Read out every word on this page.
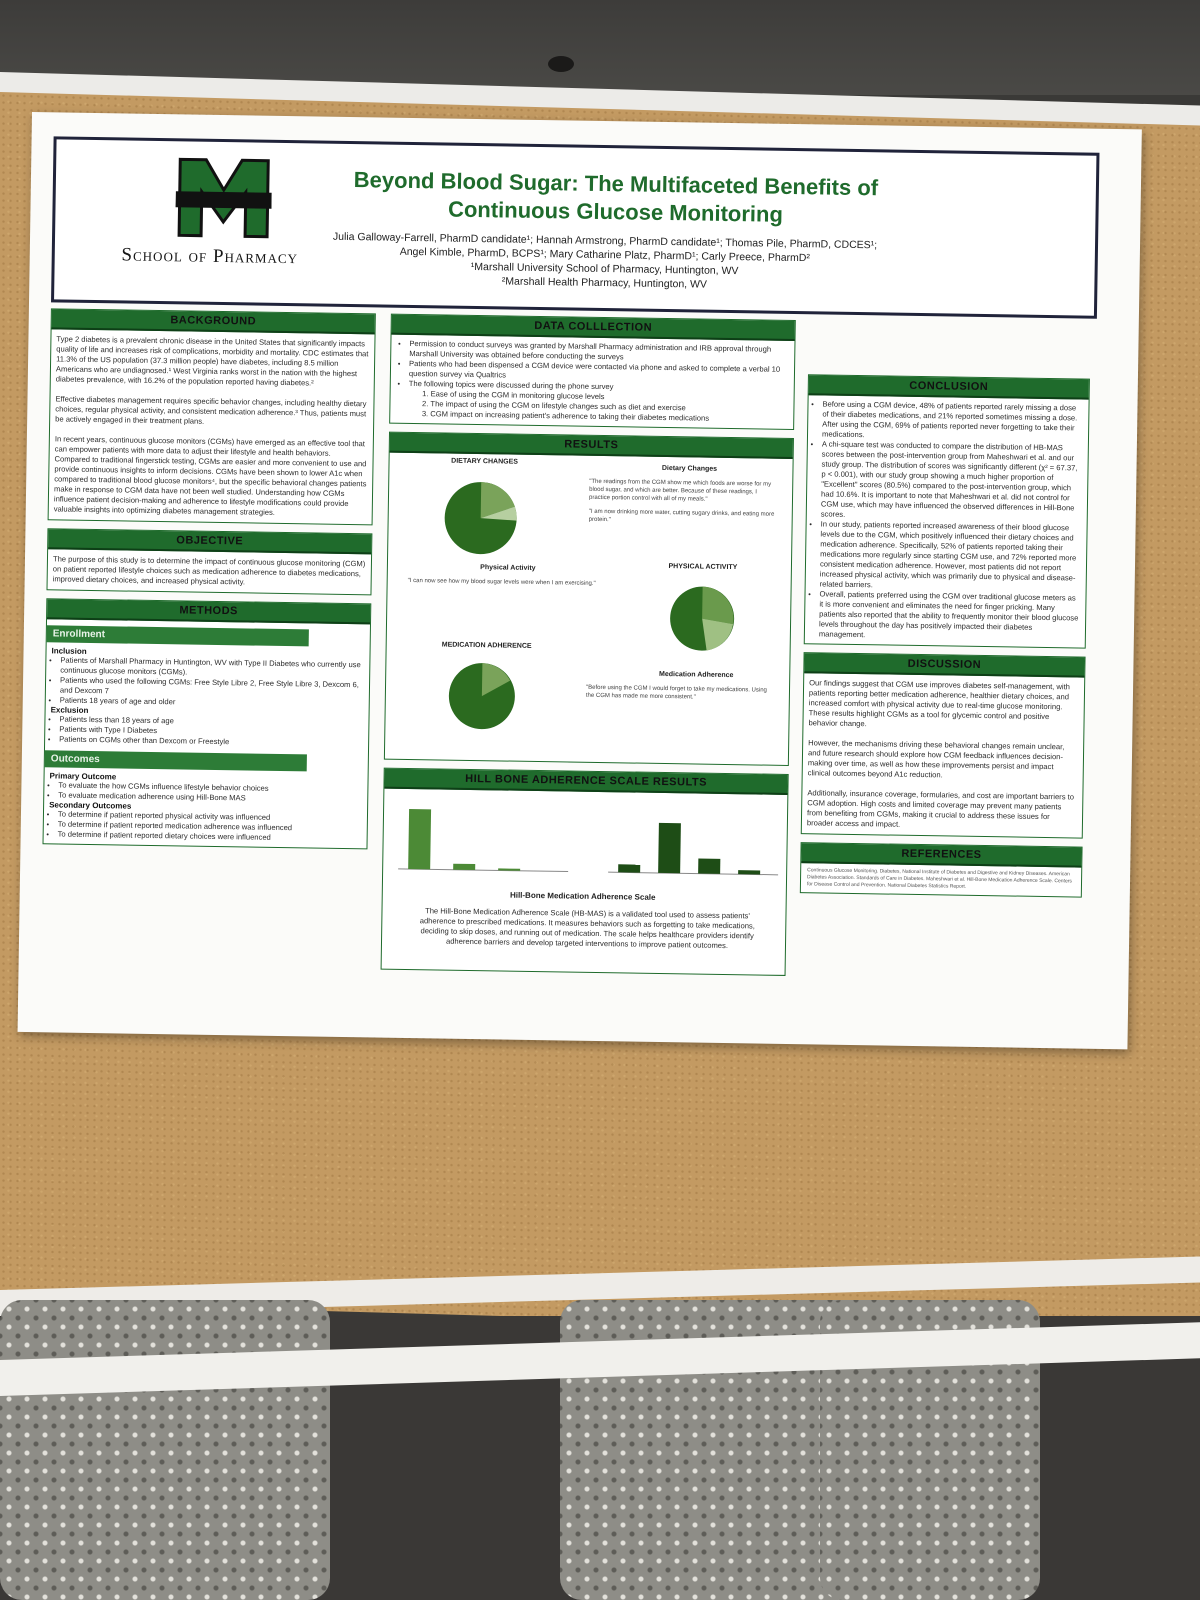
School of Pharmacy
Beyond Blood Sugar: The Multifaceted Benefits of
Continuous Glucose Monitoring
Julia Galloway-Farrell, PharmD candidate¹; Hannah Armstrong, PharmD candidate¹; Thomas Pile, PharmD, CDCES¹;
Angel Kimble, PharmD, BCPS¹; Mary Catharine Platz, PharmD¹; Carly Preece, PharmD²
¹Marshall University School of Pharmacy, Huntington, WV
²Marshall Health Pharmacy, Huntington, WV
BACKGROUND

Type 2 diabetes is a prevalent chronic disease in the United States that significantly impacts quality of life and increases risk of complications, morbidity and mortality. CDC estimates that 11.3% of the US population (37.3 million people) have diabetes, including 8.5 million Americans who are undiagnosed.¹ West Virginia ranks worst in the nation with the highest diabetes prevalence, with 16.2% of the population reported having diabetes.²

Effective diabetes management requires specific behavior changes, including healthy dietary choices, regular physical activity, and consistent medication adherence.³ Thus, patients must be actively engaged in their treatment plans.

In recent years, continuous glucose monitors (CGMs) have emerged as an effective tool that can empower patients with more data to adjust their lifestyle and health behaviors. Compared to traditional fingerstick testing, CGMs are easier and more convenient to use and provide continuous insights to inform decisions. CGMs have been shown to lower A1c when compared to traditional blood glucose monitors⁴, but the specific behavioral changes patients make in response to CGM data have not been well studied. Understanding how CGMs influence patient decision-making and adherence to lifestyle modifications could provide valuable insights into optimizing diabetes management strategies.

OBJECTIVE

The purpose of this study is to determine the impact of continuous glucose monitoring (CGM) on patient reported lifestyle choices such as medication adherence to diabetes medications, improved dietary choices, and increased physical activity.

METHODS
Enrollment
Inclusion
• Patients of Marshall Pharmacy in Huntington, WV with Type II Diabetes who currently use continuous glucose monitors (CGMs).
• Patients who used the following CGMs: Free Style Libre 2, Free Style Libre 3, Dexcom 6, and Dexcom 7
• Patients 18 years of age and older
Exclusion
• Patients less than 18 years of age
• Patients with Type I Diabetes
• Patients on CGMs other than Dexcom or Freestyle
Outcomes
Primary Outcome
• To evaluate the how CGMs influence lifestyle behavior choices
• To evaluate medication adherence using Hill-Bone MAS
Secondary Outcomes
• To determine if patient reported physical activity was influenced
• To determine if patient reported medication adherence was influenced
• To determine if patient reported dietary choices were influenced
DATA COLLLECTION
• Permission to conduct surveys was granted by Marshall Pharmacy administration and IRB approval through Marshall University was obtained before conducting the surveys
• Patients who had been dispensed a CGM device were contacted via phone and asked to complete a verbal 10 question survey via Qualtrics
• The following topics were discussed during the phone survey
1. Ease of using the CGM in monitoring glucose levels
2. The impact of using the CGM on lifestyle changes such as diet and exercise
3. CGM impact on increasing patient's adherence to taking their diabetes medications
RESULTS
DIETARY CHANGES
Dietary Changes
"The readings from the CGM show me which foods are worse for my blood sugar, and which are better. Because of these readings, I practice portion control with all of my meals."
"I am now drinking more water, cutting sugary drinks, and eating more protein."
Physical Activity
"I can now see how my blood sugar levels were when I am exercising."
PHYSICAL ACTIVITY
MEDICATION ADHERENCE
Medication Adherence
"Before using the CGM I would forget to take my medications. Using the CGM has made me more consistent."
HILL BONE ADHERENCE SCALE RESULTS
Hill-Bone Medication Adherence Scale
The Hill-Bone Medication Adherence Scale (HB-MAS) is a validated tool used to assess patients' adherence to prescribed medications. It measures behaviors such as forgetting to take medications, deciding to skip doses, and running out of medication. The scale helps healthcare providers identify adherence barriers and develop targeted interventions to improve patient outcomes.
CONCLUSION
• Before using a CGM device, 48% of patients reported rarely missing a dose of their diabetes medications, and 21% reported sometimes missing a dose. After using the CGM, 69% of patients reported never forgetting to take their medications.
• A chi-square test was conducted to compare the distribution of HB-MAS scores between the post-intervention group from Maheshwari et al. and our study group. The distribution of scores was significantly different (χ² = 67.37, p < 0.001), with our study group showing a much higher proportion of "Excellent" scores (80.5%) compared to the post-intervention group, which had 10.6%. It is important to note that Maheshwari et al. did not control for CGM use, which may have influenced the observed differences in Hill-Bone scores.
• In our study, patients reported increased awareness of their blood glucose levels due to the CGM, which positively influenced their dietary choices and medication adherence. Specifically, 52% of patients reported taking their medications more regularly since starting CGM use, and 72% reported more consistent medication adherence. However, most patients did not report increased physical activity, which was primarily due to physical and disease-related barriers.
• Overall, patients preferred using the CGM over traditional glucose meters as it is more convenient and eliminates the need for finger pricking. Many patients also reported that the ability to frequently monitor their blood glucose levels throughout the day has positively impacted their diabetes management.
DISCUSSION

Our findings suggest that CGM use improves diabetes self-management, with patients reporting better medication adherence, healthier dietary choices, and increased comfort with physical activity due to real-time glucose monitoring. These results highlight CGMs as a tool for glycemic control and positive behavior change.

However, the mechanisms driving these behavioral changes remain unclear, and future research should explore how CGM feedback influences decision-making over time, as well as how these improvements persist and impact clinical outcomes beyond A1c reduction.

Additionally, insurance coverage, formularies, and cost are important barriers to CGM adoption. High costs and limited coverage may prevent many patients from benefiting from CGMs, making it crucial to address these issues for broader access and impact.

REFERENCES
Continuous Glucose Monitoring. Diabetes, National Institute of Diabetes and Digestive and Kidney Diseases. American Diabetes Association. Standards of Care in Diabetes. Maheshwari et al. Hill-Bone Medication Adherence Scale. Centers for Disease Control and Prevention. National Diabetes Statistics Report.
